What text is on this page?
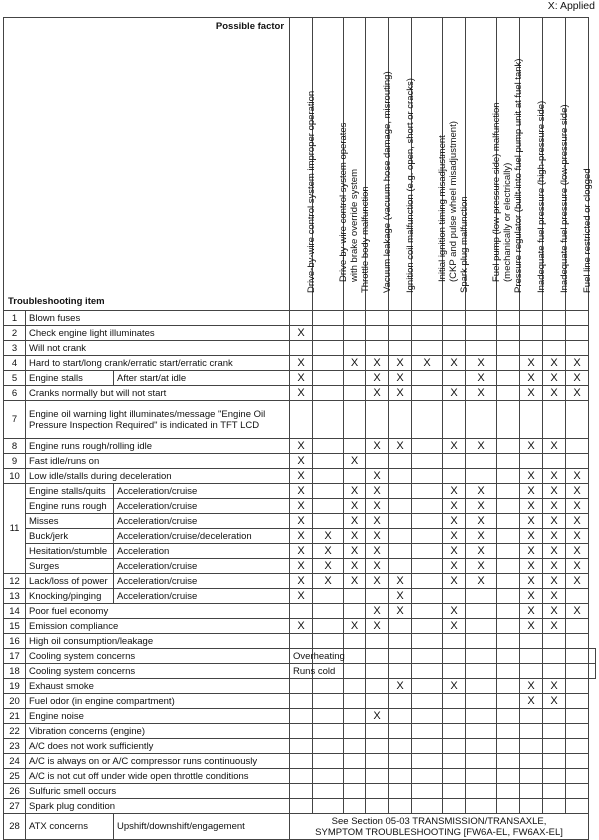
X: Applied
Possible factor
Troubleshooting item			Drive-by-wire control system improper operation	Drive-by-wire control system operates with brake override system	Throttle body malfunction	Vacuum leakage (vacuum hose damage, misrouting)	Ignition coil malfunction (e.g. open, short or cracks)	Initial ignition timing misadjustment (CKP and pulse wheel misadjustment)	Spark plug malfunction	Fuel pump (low-pressure side) malfunction (mechanically or electrically)	Pressure regulator (built-into fuel pump unit at fuel tank)	Inadequate fuel pressure (high-pressure side)	Inadequate fuel pressure (low-pressure side)	Fuel line restricted or clogged	

1	Blown fuses														
2	Check engine light illuminates		X												
3	Will not crank														
4	Hard to start/long crank/erratic start/erratic crank		X		X	X	X	X	X	X		X	X	X	
5	Engine stalls	After start/at idle	X			X	X			X		X	X	X	
6	Cranks normally but will not start		X			X	X		X	X		X	X	X	
7	Engine oil warning light illuminates/message "Engine Oil Pressure Inspection Required" is indicated in TFT LCD														
8	Engine runs rough/rolling idle		X			X	X		X	X		X	X		
9	Fast idle/runs on		X		X										
10	Low idle/stalls during deceleration		X			X						X	X	X	
11	Engine stalls/quits	Acceleration/cruise	X		X	X			X	X		X	X	X	
	Engine runs rough	Acceleration/cruise	X		X	X			X	X		X	X	X	
	Misses	Acceleration/cruise	X		X	X			X	X		X	X	X	
	Buck/jerk	Acceleration/cruise/deceleration	X	X	X	X			X	X		X	X	X	
	Hesitation/stumble	Acceleration	X	X	X	X			X	X		X	X	X	
	Surges	Acceleration/cruise	X	X	X	X			X	X		X	X	X	
12	Lack/loss of power	Acceleration/cruise	X	X	X	X	X		X	X		X	X	X	
13	Knocking/pinging	Acceleration/cruise	X				X					X	X		
14	Poor fuel economy					X	X		X			X	X	X	
15	Emission compliance		X		X	X			X			X	X		
16	High oil consumption/leakage														
17	Cooling system concerns		Overheating												
18	Cooling system concerns		Runs cold												
19	Exhaust smoke						X		X			X	X		
20	Fuel odor (in engine compartment)											X	X		
21	Engine noise					X									
22	Vibration concerns (engine)														
23	A/C does not work sufficiently														
24	A/C is always on or A/C compressor runs continuously														
25	A/C is not cut off under wide open throttle conditions														
26	Sulfuric smell occurs														
27	Spark plug condition														
28	ATX concerns	Upshift/downshift/engagement	See Section 05-03 TRANSMISSION/TRANSAXLE,
SYMPTOM TROUBLESHOOTING [FW6A-EL, FW6AX-EL]												
